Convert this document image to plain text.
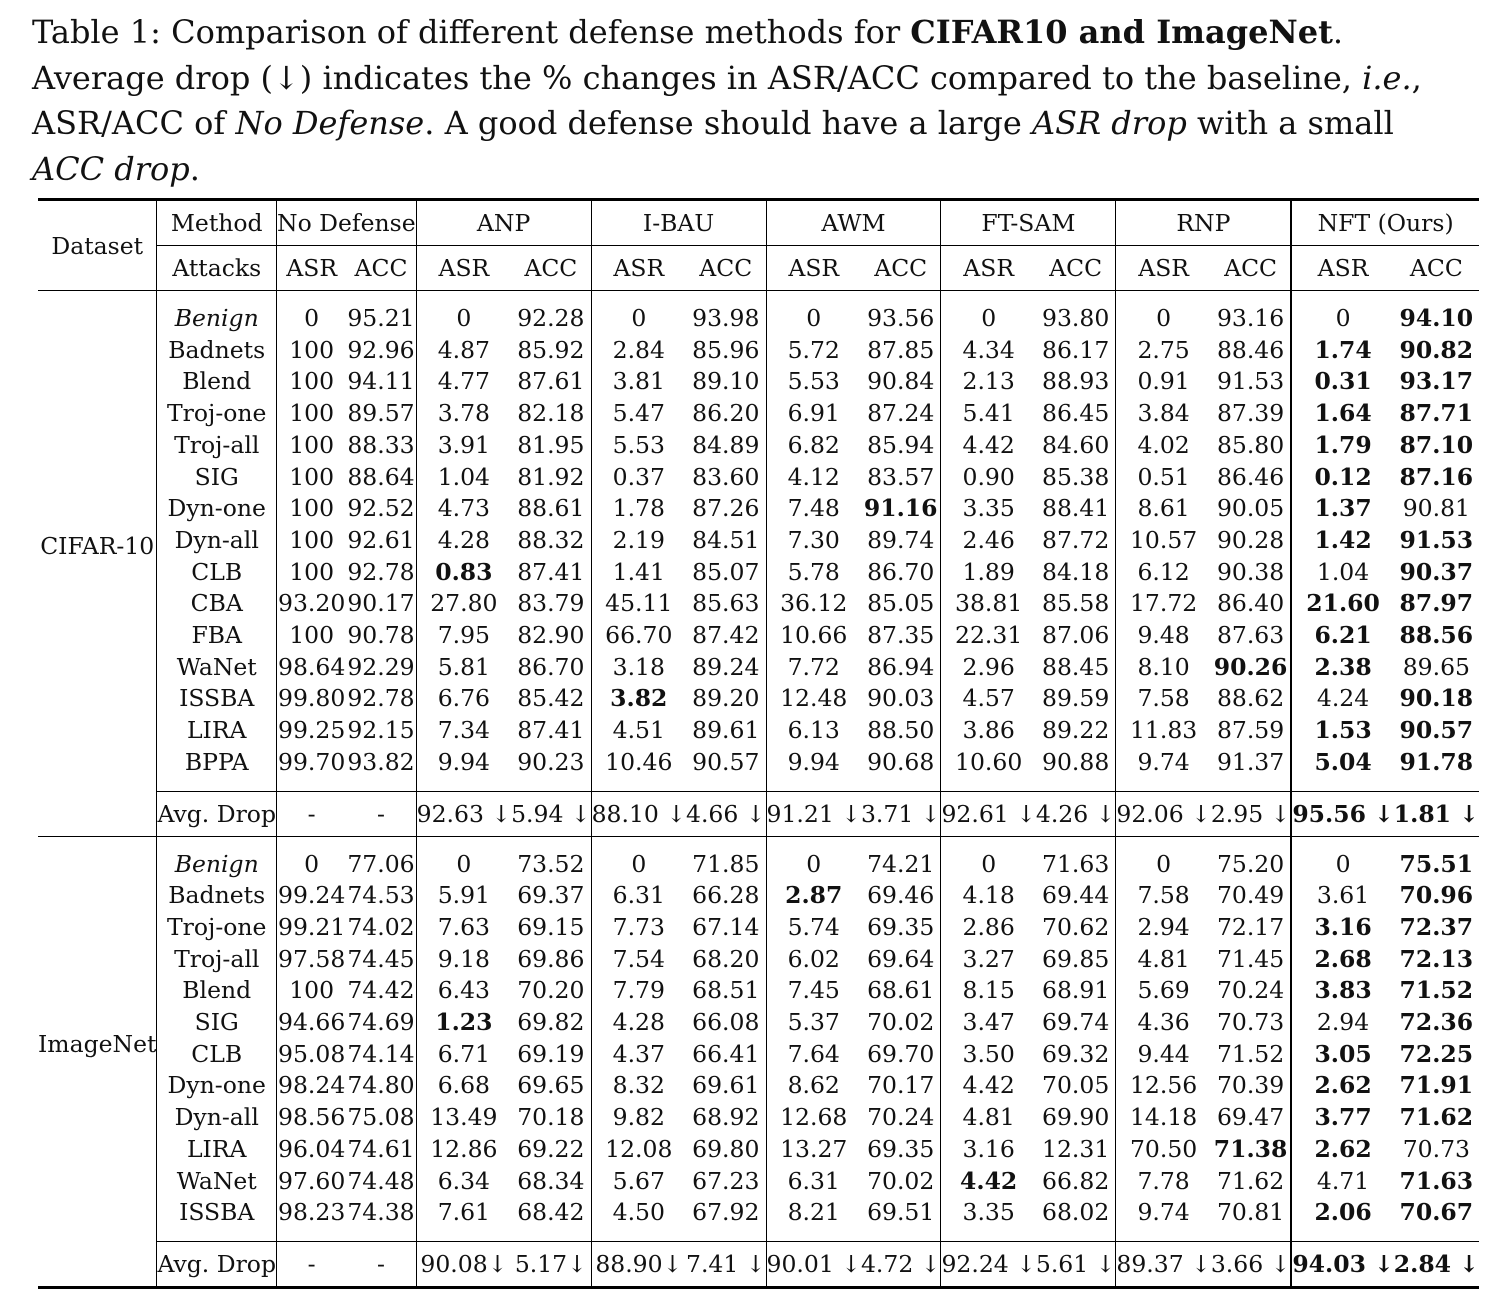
Table 1: Comparison of different defense methods for CIFAR10 and ImageNet. Average drop (↓) indicates the % changes in ASR/ACC compared to the baseline, i.e., ASR/ACC of No Defense. A good defense should have a large ASR drop with a small ACC drop.
Dataset	Method	No Defense		ANP		I-BAU		AWM		FT-SAM		RNP		NFT (Ours)	
	Attacks	ASR	ACC	ASR	ACC	ASR	ACC	ASR	ACC	ASR	ACC	ASR	ACC	ASR	ACC

CIFAR-10	Benign	0	95.21	0	92.28	0	93.98	0	93.56	0	93.80	0	93.16	0	94.10
	Badnets	100	92.96	4.87	85.92	2.84	85.96	5.72	87.85	4.34	86.17	2.75	88.46	1.74	90.82
	Blend	100	94.11	4.77	87.61	3.81	89.10	5.53	90.84	2.13	88.93	0.91	91.53	0.31	93.17
	Troj-one	100	89.57	3.78	82.18	5.47	86.20	6.91	87.24	5.41	86.45	3.84	87.39	1.64	87.71
	Troj-all	100	88.33	3.91	81.95	5.53	84.89	6.82	85.94	4.42	84.60	4.02	85.80	1.79	87.10
	SIG	100	88.64	1.04	81.92	0.37	83.60	4.12	83.57	0.90	85.38	0.51	86.46	0.12	87.16
	Dyn-one	100	92.52	4.73	88.61	1.78	87.26	7.48	91.16	3.35	88.41	8.61	90.05	1.37	90.81
	Dyn-all	100	92.61	4.28	88.32	2.19	84.51	7.30	89.74	2.46	87.72	10.57	90.28	1.42	91.53
	CLB	100	92.78	0.83	87.41	1.41	85.07	5.78	86.70	1.89	84.18	6.12	90.38	1.04	90.37
	CBA	93.20	90.17	27.80	83.79	45.11	85.63	36.12	85.05	38.81	85.58	17.72	86.40	21.60	87.97
	FBA	100	90.78	7.95	82.90	66.70	87.42	10.66	87.35	22.31	87.06	9.48	87.63	6.21	88.56
	WaNet	98.64	92.29	5.81	86.70	3.18	89.24	7.72	86.94	2.96	88.45	8.10	90.26	2.38	89.65
	ISSBA	99.80	92.78	6.76	85.42	3.82	89.20	12.48	90.03	4.57	89.59	7.58	88.62	4.24	90.18
	LIRA	99.25	92.15	7.34	87.41	4.51	89.61	6.13	88.50	3.86	89.22	11.83	87.59	1.53	90.57
	BPPA	99.70	93.82	9.94	90.23	10.46	90.57	9.94	90.68	10.60	90.88	9.74	91.37	5.04	91.78

	Avg. Drop	-	-	92.63 ↓	5.94 ↓	88.10 ↓	4.66 ↓	91.21 ↓	3.71 ↓	92.61 ↓	4.26 ↓	92.06 ↓	2.95 ↓	95.56 ↓	1.81 ↓

ImageNet	Benign	0	77.06	0	73.52	0	71.85	0	74.21	0	71.63	0	75.20	0	75.51
	Badnets	99.24	74.53	5.91	69.37	6.31	66.28	2.87	69.46	4.18	69.44	7.58	70.49	3.61	70.96
	Troj-one	99.21	74.02	7.63	69.15	7.73	67.14	5.74	69.35	2.86	70.62	2.94	72.17	3.16	72.37
	Troj-all	97.58	74.45	9.18	69.86	7.54	68.20	6.02	69.64	3.27	69.85	4.81	71.45	2.68	72.13
	Blend	100	74.42	6.43	70.20	7.79	68.51	7.45	68.61	8.15	68.91	5.69	70.24	3.83	71.52
	SIG	94.66	74.69	1.23	69.82	4.28	66.08	5.37	70.02	3.47	69.74	4.36	70.73	2.94	72.36
	CLB	95.08	74.14	6.71	69.19	4.37	66.41	7.64	69.70	3.50	69.32	9.44	71.52	3.05	72.25
	Dyn-one	98.24	74.80	6.68	69.65	8.32	69.61	8.62	70.17	4.42	70.05	12.56	70.39	2.62	71.91
	Dyn-all	98.56	75.08	13.49	70.18	9.82	68.92	12.68	70.24	4.81	69.90	14.18	69.47	3.77	71.62
	LIRA	96.04	74.61	12.86	69.22	12.08	69.80	13.27	69.35	3.16	12.31	70.50	71.38	2.62	70.73
	WaNet	97.60	74.48	6.34	68.34	5.67	67.23	6.31	70.02	4.42	66.82	7.78	71.62	4.71	71.63
	ISSBA	98.23	74.38	7.61	68.42	4.50	67.92	8.21	69.51	3.35	68.02	9.74	70.81	2.06	70.67

	Avg. Drop	-	-	90.08↓	5.17↓	88.90↓	7.41 ↓	90.01 ↓	4.72 ↓	92.24 ↓	5.61 ↓	89.37 ↓	3.66 ↓	94.03 ↓	2.84 ↓
